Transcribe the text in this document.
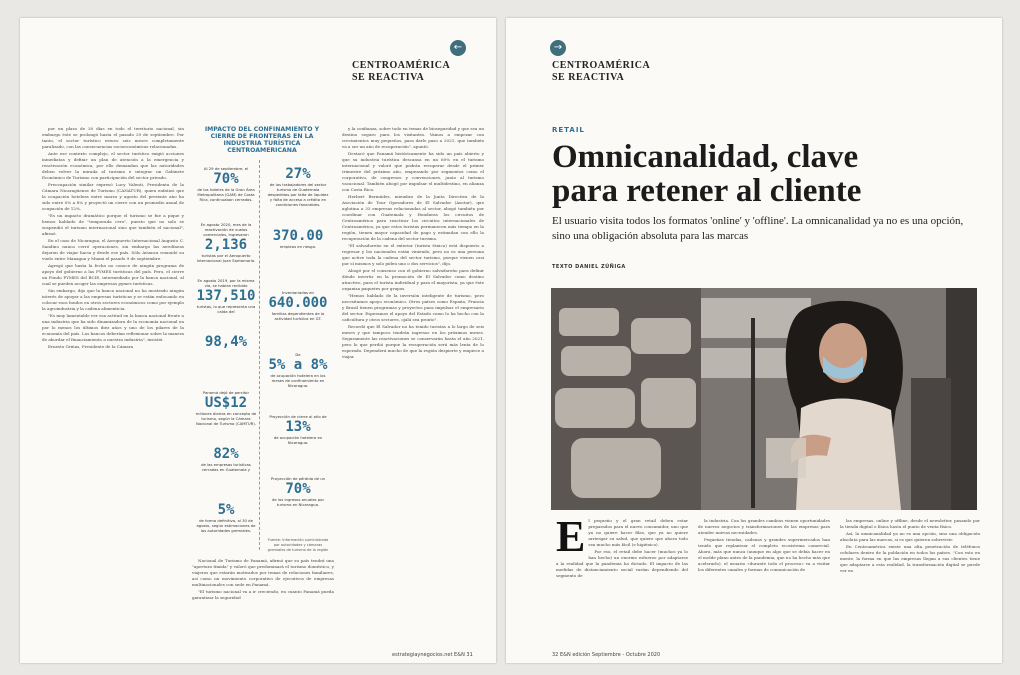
←
CENTROAMÉRICA
SE REACTIVA

por un plazo de 30 días en todo el territorio nacional, sin embargo éste se prolongó hasta el pasado 29 de septiembre. Por tanto, el sector turístico estuvo seis meses completamente paralizado, con las consecuencias socioeconómicas relacionadas.

Ante ese contexto complejo, el sector turístico exigió acciones inmediatas y definir un plan de atención a la emergencia y reactivación económica, por ello demandan que las autoridades deben volver la mirada al turismo e integrar un Gabinete Económico de Turismo con participación del sector privado.

Preocupación similar expresó Lucy Valenti, Presidenta de la Cámara Nicaragüense de Turismo (CANATUR), quien enfatizó que la ocupación hotelera entre marzo y agosto del presente año ha sido entre 0% a 8% y proyectó un cierre con un promedio anual de ocupación de 12%.

"Es un impacto dramático porque el turismo se fue a pique y hemos hablado de "temporada cero", puesto que no solo se suspendió el turismo internacional sino que también el nacional", afirmó.

En el caso de Nicaragua, el Aeropuerto Internacional Augusto C. Sandino nunca cerró operaciones, sin embargo las aerolíneas dejaron de viajar hacia y desde ese país. Sólo Avianca reanudó su vuelo entre Managua y Miami el pasado 9 de septiembre.

Agregó que hasta la fecha no conoce de ningún programa de apoyo del gobierno a las PYMES turísticas del país. Pero, el cierre un Fondo PYMES del BCIE, intermediado por la banca nacional, al cual se pueden acoger las empresas pymes turísticas.

Sin embargo, dijo que la banca nacional no ha mostrado ningún interés de apoyar a las empresas turísticas y se están enfocando en colocar esos fondos en otros sectores económicos como por ejemplo la agroindustria y la cadena alimenticia.

"Es muy lamentable ver esa actitud en la banca nacional frente a una industria que ha sido dinamizadora de la economía nacional en por lo menos los últimos diez años y uno de los pilares de la economía del país. Los bancos deberían reflexionar sobre la manera de abordar el financiamiento a nuestra industria", insistió.

Ernesto Griñas, Presidente de la Cámara

IMPACTO DEL CONFINAMIENTO Y CIERRE DE FRONTERAS EN LA INDUSTRIA TURÍSTICA CENTROAMERICANA
Al 29 de septiembre, el
70%
de los hoteles de la Gran Área Metropolitana (GAM) de Costa Rica, continuaban cerrados.
En agosto 2020, mes de la reactivación de vuelos comerciales, ingresaron
2,136
turistas por el Aeropuerto Internacional Juan Santamaría.
En agosto 2019, por la misma vía, se habían recibido
137,510
turistas, lo que representa una caída del
98,4%
Panamá dejó de percibir
US$12
millones diarios en concepto de turismo, según la Cámara Nacional de Turismo (CAMTUR).
82%
de las empresas turísticas cerradas en Guatemala y
5%
de forma definitiva, al 30 de agosto, según estimaciones de las autoridades gremiales.
27%
de los trabajadores del sector turismo de Guatemala despedidos por falta de liquidez y falta de acceso a crédito en condiciones favorables.
370.00
empleos en riesgo.
Inventariadas en
640.000
familias dependientes de la actividad turística en GT.
De
5% a 8%
de ocupación hotelera en los meses de confinamiento en Nicaragua.
Proyección de cierre al año de
13%
de ocupación hotelera en Nicaragua.
Proyección de pérdida de un
70%
de los ingresos anuales por turismo en Nicaragua.
Fuente: Información suministrada por autoridades y cámaras gremiales de turismo de la región

Nacional de Turismo de Panamá, afirmó que su país tendrá una "apertura tímida" y valoró que predominará el turismo doméstico, y viajeros que estarán motivados por temas de relaciones familiares, así como un movimiento corporativo de ejecutivos de empresas multinacionales con sede en Panamá.

"El turismo nacional va a ir creciendo, en cuanto Panamá pueda garantizar la seguridad

y la confianza, sobre todo en temas de bioseguridad y que sea un destino seguro para los visitantes. Vamos a empezar con crecimientos muy pequeños, para darle paso a 2021, que también va a ser un año de recuperación", apuntó.

Destacó que Panamá históricamente ha sido un país abierto y que su industria turística descansa en un 60% en el turismo internacional y valoró que podrán recuperar desde el primer trimestre del próximo año, empezando por segmentos como el corporativo, de congresos y convenciones, junto al turismo vacacional. También abogó por impulsar el multidestino, en alianza con Costa Rica.

Herbert Bermúdez, miembro de la Junta Directiva de la Asociación de Tour Operadores de El Salvador (Asotur), que aglutina a 33 empresas relacionadas al sector, abogó también por coordinar con Guatemala y Honduras los circuitos de Centroamérica para reactivar los circuitos internacionales de Centroamérica, ya que estos turistas permanecen más tiempo en la región, tienen mayor capacidad de pago y estimulan con ello la recuperación de la cadena del sector turismo.

"El salvadoreño en el exterior (turista étnico) está dispuesto a regresar y los nacionales están viniendo, pero no es una persona que active toda la cadena del sector turismo, porque vienen casi por sí mismos y solo piden uno o dos servicios", dijo.

Abogó por el consenso con el gobierno salvadoreño para definir dónde invertir en la promoción de El Salvador como destino atractivo, para el turista individual y para el mayorista, ya que éste organiza paquetes por grupos.

"Hemos hablado de la inversión inteligente de turismo, pero necesitamos apoyo económico. Otros países como España, Francia y Brasil tienen programas y proyectos para impulsar el empresario del sector. Esperamos el apoyo del Estado como lo ha hecho con la caficultura y otros sectores, ojalá sea pronto".

Recordó que El Salvador no ha tenido turistas a lo largo de seis meses y que tampoco tendrán ingresos en los próximos meses. Seguramente las reactivaciones se conservarán hasta el año 2021, pero lo que perdió porque la recuperación será más lenta de lo esperado. Dependerá mucho de que la región despierte y empiece a viajar.

estrategiaynegocios.net E&N 31
→
CENTROAMÉRICA
SE REACTIVA
RETAIL
Omnicanalidad, clave
para retener al cliente
El usuario visita todos los formatos 'online' y 'offline'. La omnicanalidad ya no es una opción, sino una obligación absoluta para las marcas
TEXTO DANIEL ZÚÑIGA
E l pequeño y el gran retail deben estar preparados para el nuevo consumidor, uno que ya no quiere hacer filas, que ya no quiere arriesgar su salud, que quiere que ahora todo sea mucho más fácil (e higiénico).

Por eso, el retail debe hacer (muchos ya lo han hecho) un enorme esfuerzo por adaptarse a la realidad que la pandemia ha dictado. El impacto de las medidas de distanciamiento social varían dependiendo del segmento de

la industria. Con los grandes cambios vienen oportunidades de nuevos negocios y transformaciones de las empresas para atender nuevas necesidades.

Pequeñas tiendas, cadenas y grandes supermercados han tenido que replantear el completo ecosistema comercial. Ahora, más que nunca (aunque en algo que se debía hacer en el molde plano antes de la pandemia, que no ha hecho más que acelerarlo), el usuario «durante todo el proceso» va a visitar los diferentes canales y formas de comunicación de

las empresas, online y offline, desde el newsletter, pasando por la tienda digital o física hasta el punto de venta físico.

Así, la omnicanalidad ya no es una opción, sino una obligación absoluta para las marcas, si es que quieren sobrevivir.

En Centroamérica existe una alta penetración de teléfonos celulares dentro de la población en todos los países. "Con esto en mente, la forma en que las empresas llegan a sus clientes tiene que adaptarse a esta realidad, la transformación digital se puede ver en

32 E&N edición Septiembre - Octubre 2020
